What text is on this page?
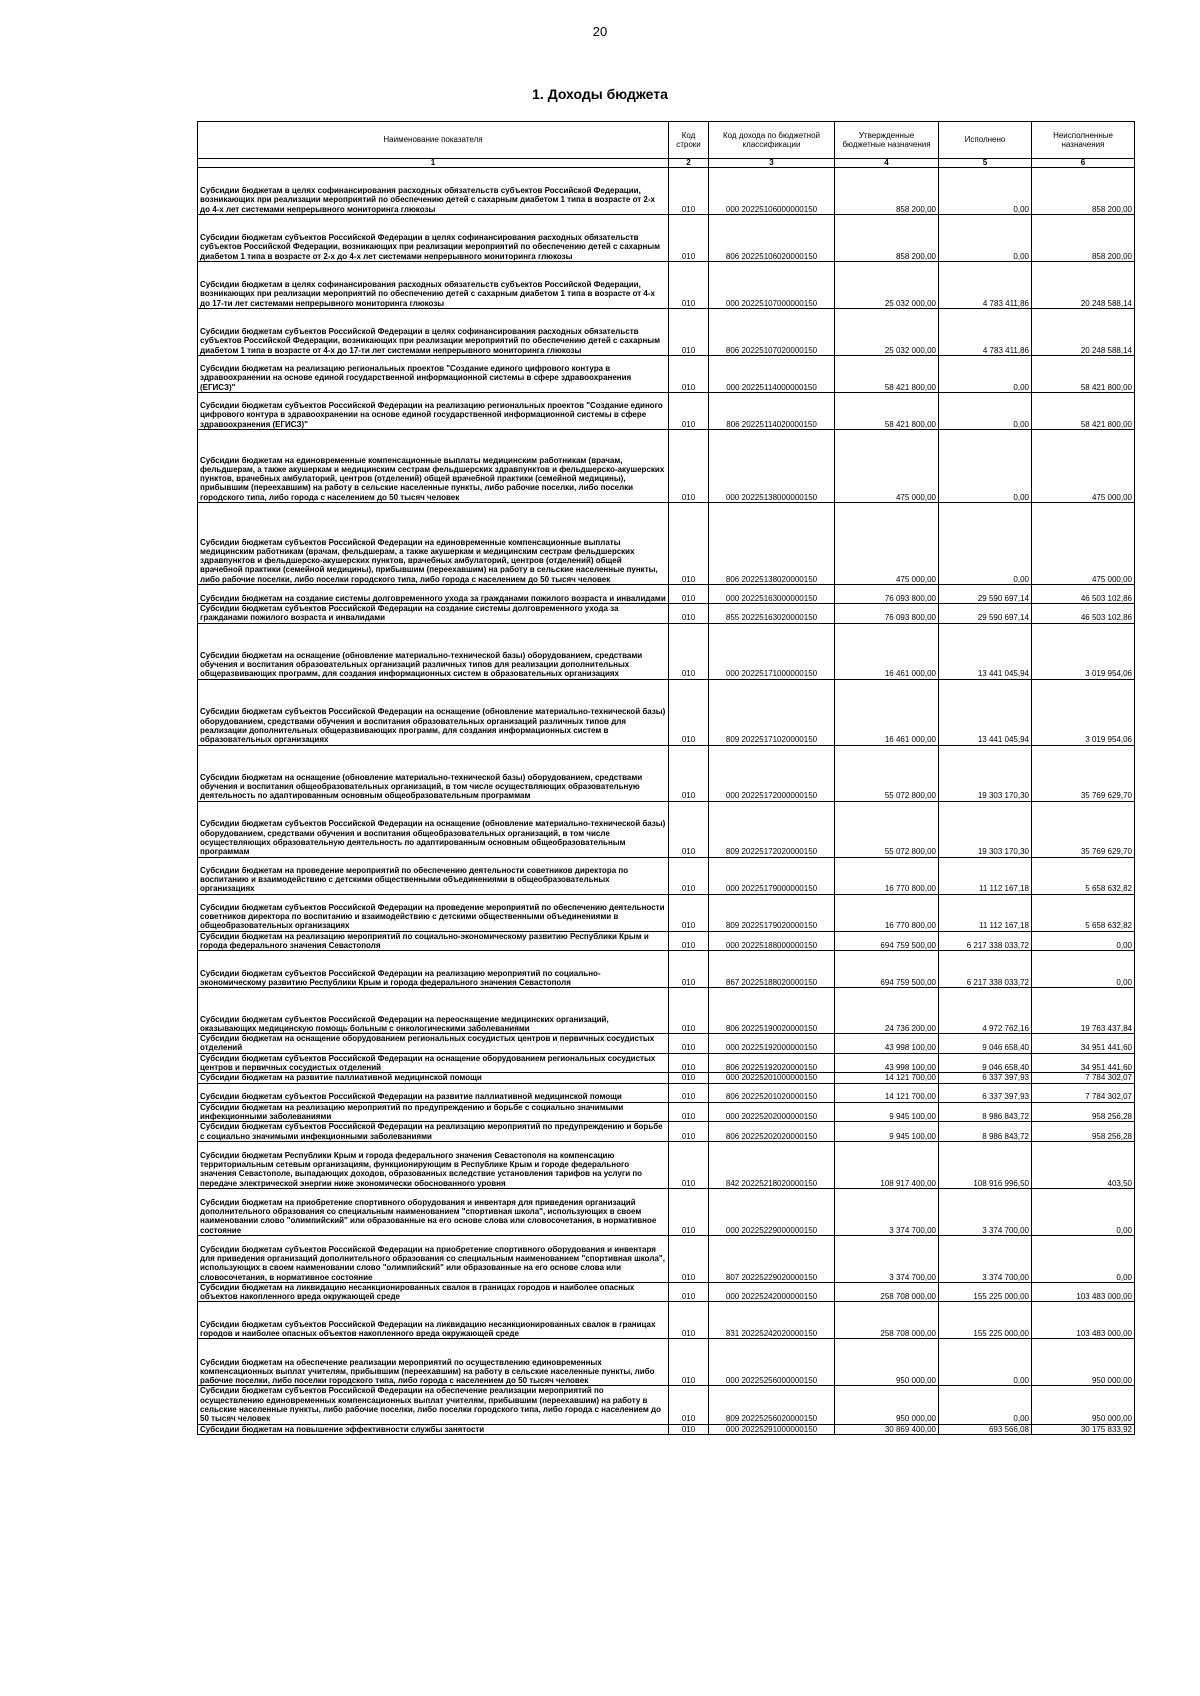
20
1. Доходы бюджета
Наименование показателя	Код строки	Код дохода по бюджетной классификации	Утвержденные бюджетные назначения	Исполнено	Неисполненные назначения
1	2	3	4	5	6
Субсидии бюджетам в целях софинансирования расходных обязательств субъектов Российской Федерации, возникающих при реализации мероприятий по обеспечению детей с сахарным диабетом 1 типа в возрасте от 2-х до 4-х лет системами непрерывного мониторинга глюкозы	010	000 20225106000000150	858 200,00	0,00	858 200,00
Субсидии бюджетам субъектов Российской Федерации в целях софинансирования расходных обязательств субъектов Российской Федерации, возникающих при реализации мероприятий по обеспечению детей с сахарным диабетом 1 типа в возрасте от 2-х до 4-х лет системами непрерывного мониторинга глюкозы	010	806 20225106020000150	858 200,00	0,00	858 200,00
Субсидии бюджетам в целях софинансирования расходных обязательств субъектов Российской Федерации, возникающих при реализации мероприятий по обеспечению детей с сахарным диабетом 1 типа в возрасте от 4-х до 17-ти лет системами непрерывного мониторинга глюкозы	010	000 20225107000000150	25 032 000,00	4 783 411,86	20 248 588,14
Субсидии бюджетам субъектов Российской Федерации в целях софинансирования расходных обязательств субъектов Российской Федерации, возникающих при реализации мероприятий по обеспечению детей с сахарным диабетом 1 типа в возрасте от 4-х до 17-ти лет системами непрерывного мониторинга глюкозы	010	806 20225107020000150	25 032 000,00	4 783 411,86	20 248 588,14
Субсидии бюджетам на реализацию региональных проектов "Создание единого цифрового контура в здравоохранении на основе единой государственной информационной системы в сфере здравоохранения (ЕГИСЗ)"	010	000 20225114000000150	58 421 800,00	0,00	58 421 800,00
Субсидии бюджетам субъектов Российской Федерации на реализацию региональных проектов "Создание единого цифрового контура в здравоохранении на основе единой государственной информационной системы в сфере здравоохранения (ЕГИСЗ)"	010	806 20225114020000150	58 421 800,00	0,00	58 421 800,00
Субсидии бюджетам на единовременные компенсационные выплаты медицинским работникам (врачам, фельдшерам, а также акушеркам и медицинским сестрам фельдшерских здравпунктов и фельдшерско-акушерских пунктов, врачебных амбулаторий, центров (отделений) общей врачебной практики (семейной медицины), прибывшим (переехавшим) на работу в сельские населенные пункты, либо рабочие поселки, либо поселки городского типа, либо города с населением до 50 тысяч человек	010	000 20225138000000150	475 000,00	0,00	475 000,00
Субсидии бюджетам субъектов Российской Федерации на единовременные компенсационные выплаты медицинским работникам (врачам, фельдшерам, а также акушеркам и медицинским сестрам фельдшерских здравпунктов и фельдшерско-акушерских пунктов, врачебных амбулаторий, центров (отделений) общей врачебной практики (семейной медицины), прибывшим (переехавшим) на работу в сельские населенные пункты, либо рабочие поселки, либо поселки городского типа, либо города с населением до 50 тысяч человек	010	806 20225138020000150	475 000,00	0,00	475 000,00
Субсидии бюджетам на создание системы долговременного ухода за гражданами пожилого возраста и инвалидами	010	000 20225163000000150	76 093 800,00	29 590 697,14	46 503 102,86
Субсидии бюджетам субъектов Российской Федерации на создание системы долговременного ухода за гражданами пожилого возраста и инвалидами	010	855 20225163020000150	76 093 800,00	29 590 697,14	46 503 102,86
Субсидии бюджетам на оснащение (обновление материально-технической базы) оборудованием, средствами обучения и воспитания образовательных организаций различных типов для реализации дополнительных общеразвивающих программ, для создания информационных систем в образовательных организациях	010	000 20225171000000150	16 461 000,00	13 441 045,94	3 019 954,06
Субсидии бюджетам субъектов Российской Федерации на оснащение (обновление материально-технической базы) оборудованием, средствами обучения и воспитания образовательных организаций различных типов для реализации дополнительных общеразвивающих программ, для создания информационных систем в образовательных организациях	010	809 20225171020000150	16 461 000,00	13 441 045,94	3 019 954,06
Субсидии бюджетам на оснащение (обновление материально-технической базы) оборудованием, средствами обучения и воспитания общеобразовательных организаций, в том числе осуществляющих образовательную деятельность по адаптированным основным общеобразовательным программам	010	000 20225172000000150	55 072 800,00	19 303 170,30	35 769 629,70
Субсидии бюджетам субъектов Российской Федерации на оснащение (обновление материально-технической базы) оборудованием, средствами обучения и воспитания общеобразовательных организаций, в том числе осуществляющих образовательную деятельность по адаптированным основным общеобразовательным программам	010	809 20225172020000150	55 072 800,00	19 303 170,30	35 769 629,70
Субсидии бюджетам на проведение мероприятий по обеспечению деятельности советников директора по воспитанию и взаимодействию с детскими общественными объединениями в общеобразовательных организациях	010	000 20225179000000150	16 770 800,00	11 112 167,18	5 658 632,82
Субсидии бюджетам субъектов Российской Федерации на проведение мероприятий по обеспечению деятельности советников директора по воспитанию и взаимодействию с детскими общественными объединениями в общеобразовательных организациях	010	809 20225179020000150	16 770 800,00	11 112 167,18	5 658 632,82
Субсидии бюджетам на реализацию мероприятий по социально-экономическому развитию Республики Крым и города федерального значения Севастополя	010	000 20225188000000150	694 759 500,00	6 217 338 033,72	0,00
Субсидии бюджетам субъектов Российской Федерации на реализацию мероприятий по социально-экономическому развитию Республики Крым и города федерального значения Севастополя	010	867 20225188020000150	694 759 500,00	6 217 338 033,72	0,00
Субсидии бюджетам субъектов Российской Федерации на переоснащение медицинских организаций, оказывающих медицинскую помощь больным с онкологическими заболеваниями	010	806 20225190020000150	24 736 200,00	4 972 762,16	19 763 437,84
Субсидии бюджетам на оснащение оборудованием региональных сосудистых центров и первичных сосудистых отделений	010	000 20225192000000150	43 998 100,00	9 046 658,40	34 951 441,60
Субсидии бюджетам субъектов Российской Федерации на оснащение оборудованием региональных сосудистых центров и первичных сосудистых отделений	010	806 20225192020000150	43 998 100,00	9 046 658,40	34 951 441,60
Субсидии бюджетам на развитие паллиативной медицинской помощи	010	000 20225201000000150	14 121 700,00	6 337 397,93	7 784 302,07
Субсидии бюджетам субъектов Российской Федерации на развитие паллиативной медицинской помощи	010	806 20225201020000150	14 121 700,00	6 337 397,93	7 784 302,07
Субсидии бюджетам на реализацию мероприятий по предупреждению и борьбе с социально значимыми инфекционными заболеваниями	010	000 20225202000000150	9 945 100,00	8 986 843,72	958 256,28
Субсидии бюджетам субъектов Российской Федерации на реализацию мероприятий по предупреждению и борьбе с социально значимыми инфекционными заболеваниями	010	806 20225202020000150	9 945 100,00	8 986 843,72	958 256,28
Субсидии бюджетам Республики Крым и города федерального значения Севастополя на компенсацию территориальным сетевым организациям, функционирующим в Республике Крым и городе федерального значения Севастополе, выпадающих доходов, образованных вследствие установления тарифов на услуги по передаче электрической энергии ниже экономически обоснованного уровня	010	842 20225218020000150	108 917 400,00	108 916 996,50	403,50
Субсидии бюджетам на приобретение спортивного оборудования и инвентаря для приведения организаций дополнительного образования со специальным наименованием "спортивная школа", использующих в своем наименовании слово "олимпийский" или образованные на его основе слова или словосочетания, в нормативное состояние	010	000 20225229000000150	3 374 700,00	3 374 700,00	0,00
Субсидии бюджетам субъектов Российской Федерации на приобретение спортивного оборудования и инвентаря для приведения организаций дополнительного образования со специальным наименованием "спортивная школа", использующих в своем наименовании слово "олимпийский" или образованные на его основе слова или словосочетания, в нормативное состояние	010	807 20225229020000150	3 374 700,00	3 374 700,00	0,00
Субсидии бюджетам на ликвидацию несанкционированных свалок в границах городов и наиболее опасных объектов накопленного вреда окружающей среде	010	000 20225242000000150	258 708 000,00	155 225 000,00	103 483 000,00
Субсидии бюджетам субъектов Российской Федерации на ликвидацию несанкционированных свалок в границах городов и наиболее опасных объектов накопленного вреда окружающей среде	010	831 20225242020000150	258 708 000,00	155 225 000,00	103 483 000,00
Субсидии бюджетам на обеспечение реализации мероприятий по осуществлению единовременных компенсационных выплат учителям, прибывшим (переехавшим) на работу в сельские населенные пункты, либо рабочие поселки, либо поселки городского типа, либо города с населением до 50 тысяч человек	010	000 20225256000000150	950 000,00	0,00	950 000,00
Субсидии бюджетам субъектов Российской Федерации на обеспечение реализации мероприятий по осуществлению единовременных компенсационных выплат учителям, прибывшим (переехавшим) на работу в сельские населенные пункты, либо рабочие поселки, либо поселки городского типа, либо города с населением до 50 тысяч человек	010	809 20225256020000150	950 000,00	0,00	950 000,00
Субсидии бюджетам на повышение эффективности службы занятости	010	000 20225291000000150	30 869 400,00	693 566,08	30 175 833,92
